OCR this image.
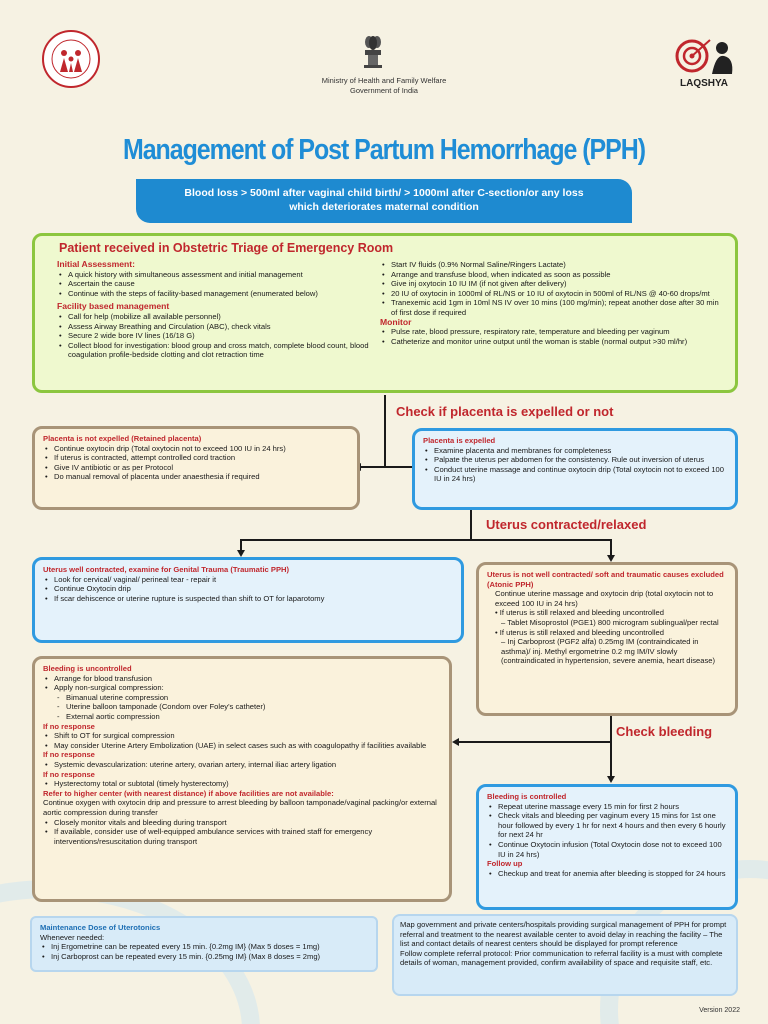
Ministry of Health and Family Welfare
Government of India
LAQSHYA
Management of Post Partum Hemorrhage (PPH)
Blood loss > 500ml after vaginal child birth/ > 1000ml after C-section/or any loss
which deteriorates maternal condition
Patient received in Obstetric Triage of Emergency Room
Initial Assessment:
• A quick history with simultaneous assessment and initial management
• Ascertain the cause
• Continue with the steps of facility-based management (enumerated below)
Facility based management
• Call for help (mobilize all available personnel)
• Assess Airway Breathing and Circulation (ABC), check vitals
• Secure 2 wide bore IV lines (16/18 G)
• Collect blood for investigation: blood group and cross match, complete blood count, blood coagulation profile-bedside clotting and clot retraction time
• Start IV fluids (0.9% Normal Saline/Ringers Lactate)
• Arrange and transfuse blood, when indicated as soon as possible
• Give inj oxytocin 10 IU IM (if not given after delivery)
• 20 IU of oxytocin in 1000ml of RL/NS or 10 IU of oxytocin in 500ml of RL/NS @ 40-60 drops/mt
• Tranexemic acid 1gm in 10ml NS IV over 10 mins (100 mg/min); repeat another dose after 30 min of first dose if required
Monitor
• Pulse rate, blood pressure, respiratory rate, temperature and bleeding per vaginum
• Catheterize and monitor urine output until the woman is stable (normal output >30 ml/hr)
Check if placenta is expelled or not
Placenta is not expelled (Retained placenta)
• Continue oxytocin drip (Total oxytocin not to exceed 100 IU in 24 hrs)
• If uterus is contracted, attempt controlled cord traction
• Give IV antibiotic or as per Protocol
• Do manual removal of placenta under anaesthesia if required
Placenta is expelled
• Examine placenta and membranes for completeness
• Palpate the uterus per abdomen for the consistency. Rule out inversion of uterus
• Conduct uterine massage and continue oxytocin drip (Total oxytocin not to exceed 100 IU in 24 hrs)
Uterus contracted/relaxed
Uterus well contracted, examine for Genital Trauma (Traumatic PPH)
• Look for cervical/ vaginal/ perineal tear - repair it
• Continue Oxytocin drip
• If scar dehiscence or uterine rupture is suspected than shift to OT for laparotomy
Uterus is not well contracted/ soft and traumatic causes excluded (Atonic PPH)
Continue uterine massage and oxytocin drip (total oxytocin not to exceed 100 IU in 24 hrs)
• If uterus is still relaxed and bleeding uncontrolled
– Tablet Misoprostol (PGE1) 800 microgram sublingual/per rectal
• If uterus is still relaxed and bleeding uncontrolled
– Inj Carboprost (PGF2 alfa) 0.25mg IM (contraindicated in asthma)/ inj. Methyl ergometrine 0.2 mg IM/IV slowly (contraindicated in hypertension, severe anemia, heart disease)
Check bleeding
Bleeding is uncontrolled
• Arrange for blood transfusion
• Apply non-surgical compression:
- Bimanual uterine compression
- Uterine balloon tamponade (Condom over Foley's catheter)
- External aortic compression
If no response
• Shift to OT for surgical compression
• May consider Uterine Artery Embolization (UAE) in select cases such as with coagulopathy if facilities available
If no response
• Systemic devascularization: uterine artery, ovarian artery, internal iliac artery ligation
If no response
• Hysterectomy total or subtotal (timely hysterectomy)
Refer to higher center (with nearest distance) if above facilities are not available:
Continue oxygen with oxytocin drip and pressure to arrest bleeding by balloon tamponade/vaginal packing/or external aortic compression during transfer
• Closely monitor vitals and bleeding during transport
• If available, consider use of well-equipped ambulance services with trained staff for emergency interventions/resuscitation during transport
Bleeding is controlled
• Repeat uterine massage every 15 min for first 2 hours
• Check vitals and bleeding per vaginum every 15 mins for 1st one hour followed by every 1 hr for next 4 hours and then every 6 hourly for next 24 hr
• Continue Oxytocin infusion (Total Oxytocin dose not to exceed 100 IU in 24 hrs)
Follow up
• Checkup and treat for anemia after bleeding is stopped for 24 hours
Maintenance Dose of Uterotonics
Whenever needed:
• Inj Ergometrine can be repeated every 15 min. {0.2mg IM} (Max 5 doses = 1mg)
• Inj Carboprost can be repeated every 15 min. {0.25mg IM} (Max 8 doses = 2mg)
Map government and private centers/hospitals providing surgical management of PPH for prompt referral and treatment to the nearest available center to avoid delay in reaching the facility – The list and contact details of nearest centers should be displayed for prompt reference
Follow complete referral protocol: Prior communication to referral facility is a must with complete details of woman, management provided, confirm availability of space and requisite staff, etc.
Version 2022
